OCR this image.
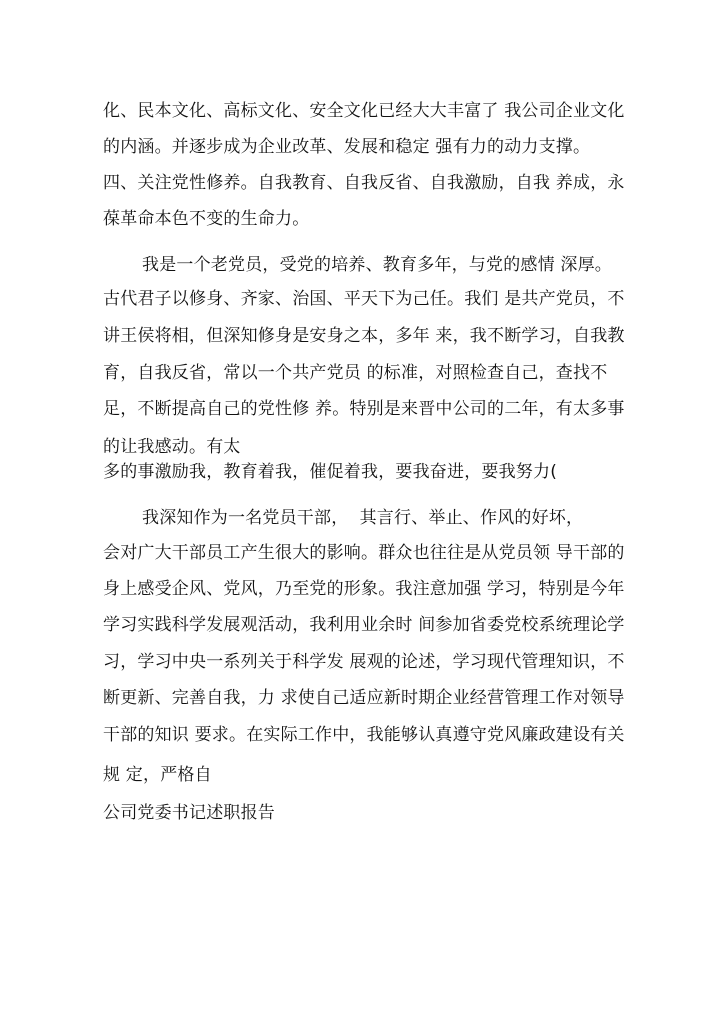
化、民本文化、高标文化、安全文化已经大大丰富了 我公司企业文化
的内涵。并逐步成为企业改革、发展和稳定 强有力的动力支撑。
四、关注党性修养。自我教育、自我反省、自我激励，自我 养成，永
葆革命本色不变的生命力。
我是一个老党员，受党的培养、教育多年，与党的感情 深厚。
古代君子以修身、齐家、治国、平天下为己任。我们 是共产党员，不
讲王侯将相，但深知修身是安身之本，多年 来，我不断学习，自我教
育，自我反省，常以一个共产党员 的标准，对照检查自己，查找不
足，不断提高自己的党性修 养。特别是来晋中公司的二年，有太多事
的让我感动。有太
多的事激励我，教育着我，催促着我，要我奋进，要我努力(
我深知作为一名党员干部，  其言行、举止、作风的好坏，
会对广大干部员工产生很大的影响。群众也往往是从党员领 导干部的
身上感受企风、党风，乃至党的形象。我注意加强 学习，特别是今年
学习实践科学发展观活动，我利用业余时 间参加省委党校系统理论学
习，学习中央一系列关于科学发 展观的论述，学习现代管理知识，不
断更新、完善自我，力 求使自己适应新时期企业经营管理工作对领导
干部的知识 要求。在实际工作中，我能够认真遵守党风廉政建设有关
规 定，严格自
公司党委书记述职报告
